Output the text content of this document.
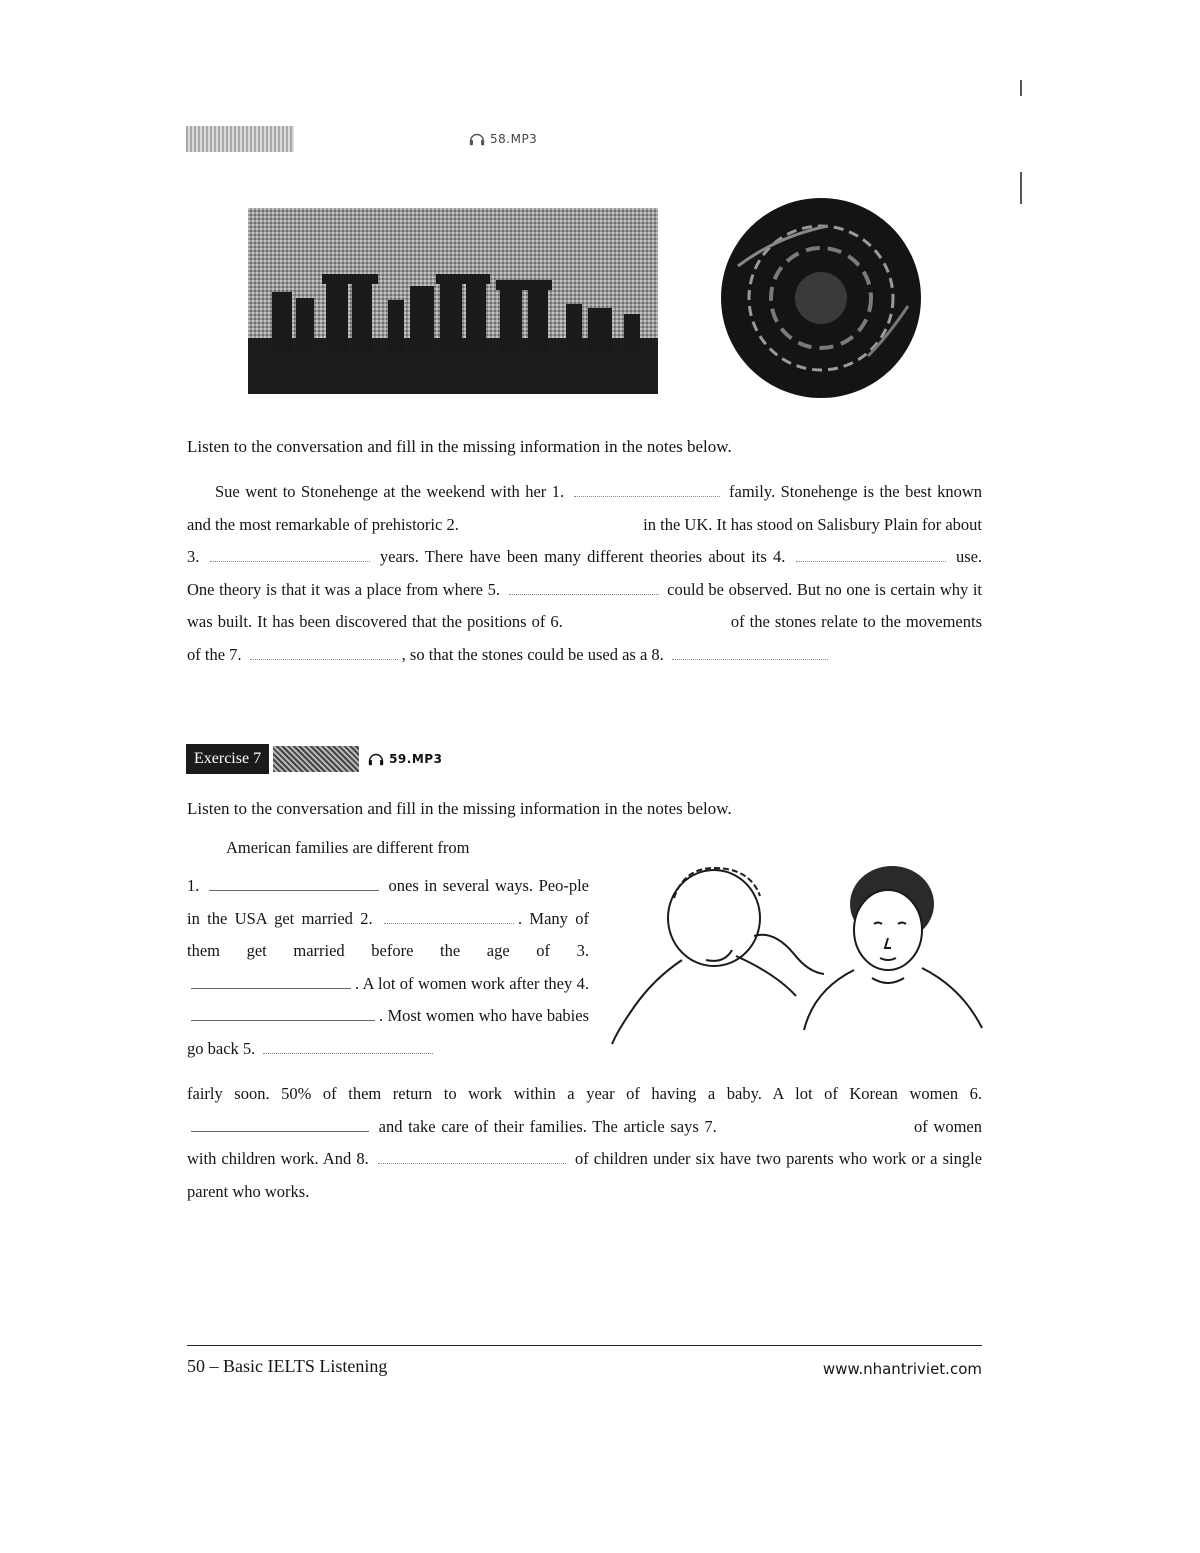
58.MP3
Listen to the conversation and fill in the missing information in the notes below.
Sue went to Stonehenge at the weekend with her 1.	family. Stonehenge is the best known and the most remarkable of prehistoric 2.	in the UK. It has stood on Salisbury Plain for about 3.	years. There have been many different theories about its 4.	use. One theory is that it was a place from where 5.	could be observed. But no one is certain why it was built. It has been discovered that the positions of 6.	of the stones relate to the movements of the 7.	, so that the stones could be used as a 8.
Exercise 7	59.MP3
Listen to the conversation and fill in the missing information in the notes below.
American families are different from
1.	ones in several ways. Peo-ple in the USA get married 2.	. Many of them get married before the age of 3. . A lot of women work after they 4. . Most women who have babies go back 5.
fairly soon. 50% of them return to work within a year of having a baby. A lot of Korean women 6.  and take care of their families. The article says 7.	of women with children work. And 8.	of children under six have two parents who work or a single parent who works.
50 – Basic IELTS Listening	www.nhantriviet.com
